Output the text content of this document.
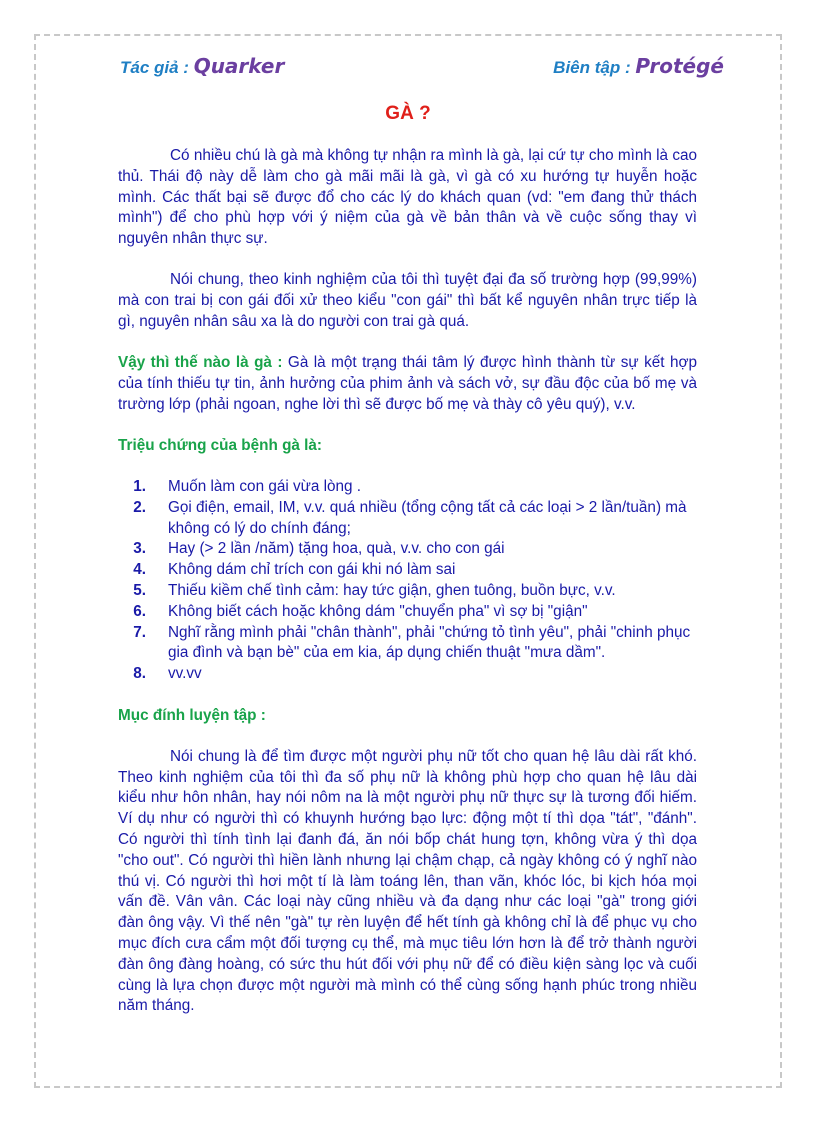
Tác giả : Quarker	Biên tập : Protégé
GÀ ?

Có nhiều chú là gà mà không tự nhận ra mình là gà, lại cứ tự cho mình là cao thủ. Thái độ này dễ làm cho gà mãi mãi là gà, vì gà có xu hướng tự huyễn hoặc mình. Các thất bại sẽ được đổ cho các lý do khách quan (vd: "em đang thử thách mình") để cho phù hợp với ý niệm của gà về bản thân và về cuộc sống thay vì nguyên nhân thực sự.

Nói chung, theo kinh nghiệm của tôi thì tuyệt đại đa số trường hợp (99,99%) mà con trai bị con gái đối xử theo kiểu "con gái" thì bất kể nguyên nhân trực tiếp là gì, nguyên nhân sâu xa là do người con trai gà quá.

Vậy thì thế nào là gà : Gà là một trạng thái tâm lý được hình thành từ sự kết hợp của tính thiếu tự tin, ảnh hưởng của phim ảnh và sách vở, sự đầu độc của bố mẹ và trường lớp (phải ngoan, nghe lời thì sẽ được bố mẹ và thày cô yêu quý), v.v.

Triệu chứng của bệnh gà là:

1.	Muốn làm con gái vừa lòng .
2.	Gọi điện, email, IM, v.v. quá nhiều (tổng cộng tất cả các loại > 2 lần/tuần) mà không có lý do chính đáng;
3.	Hay (> 2 lần /năm) tặng hoa, quà, v.v. cho con gái
4.	Không dám chỉ trích con gái khi nó làm sai
5.	Thiếu kiềm chế tình cảm: hay tức giận, ghen tuông, buồn bực, v.v.
6.	Không biết cách hoặc không dám "chuyển pha" vì sợ bị "giận"
7.	Nghĩ rằng mình phải "chân thành", phải "chứng tỏ tình yêu", phải "chinh phục gia đình và bạn bè" của em kia, áp dụng chiến thuật "mưa dầm".
8.	vv.vv

Mục đính luyện tập :

Nói chung là để tìm được một người phụ nữ tốt cho quan hệ lâu dài rất khó. Theo kinh nghiệm của tôi thì đa số phụ nữ là không phù hợp cho quan hệ lâu dài kiểu như hôn nhân, hay nói nôm na là một người phụ nữ thực sự là tương đối hiếm. Ví dụ như có người thì có khuynh hướng bạo lực: động một tí thì dọa "tát", "đánh". Có người thì tính tình lại đanh đá, ăn nói bốp chát hung tợn, không vừa ý thì dọa "cho out". Có người thì hiền lành nhưng lại chậm chạp, cả ngày không có ý nghĩ nào thú vị. Có người thì hơi một tí là làm toáng lên, than vãn, khóc lóc, bi kịch hóa mọi vấn đề. Vân vân. Các loại này cũng nhiều và đa dạng như các loại "gà" trong giới đàn ông vậy. Vì thế nên "gà" tự rèn luyện để hết tính gà không chỉ là để phục vụ cho mục đích cưa cẩm một đối tượng cụ thể, mà mục tiêu lớn hơn là để trở thành người đàn ông đàng hoàng, có sức thu hút đối với phụ nữ để có điều kiện sàng lọc và cuối cùng là lựa chọn được một người mà mình có thể cùng sống hạnh phúc trong nhiều năm tháng.
